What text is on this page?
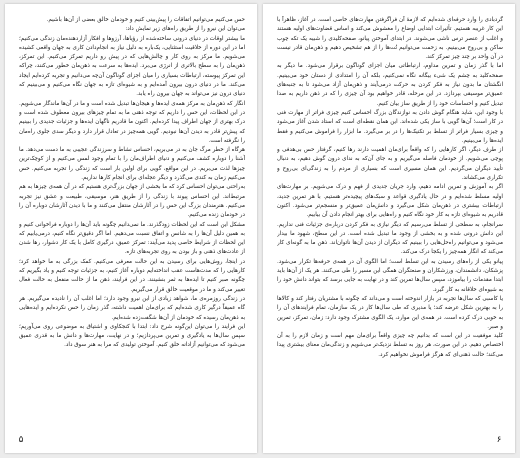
حس می‌کنیم می‌توانیم اتفاقات را پیش‌بینی کنیم و خودمان خالق بعضی از آن‌ها باشیم.

می‌توان این نیرو را از طریق راه‌های زیر نمایش داد:

ما بیشتر اوقات در دنیای درونی ساخته‌شده از رؤیاها، آرزوها و افکار آزاردهنده‌مان زندگی می‌کنیم؛ اما در این دوره از خلاقیت استثنایی، یک‌باره به دلیل نیاز به انجام‌دادن کاری به جهان واقعی کشیده می‌شویم. ما مرکز به روی کار و چالش‌هایی که در پیش رو داریم تمرکز می‌کنیم. این تمرکز، ذهن‌مان را به سطح بالاتری از انرژی می‌برد. ایده‌ها به سرعت به ذهن‌مان خطور می‌کنند، چراکه این تمرکز پیوسته، ارتباطات بسیاری را میان اجزای گوناگون آن‌چه می‌دانیم و تجربه کرده‌ایم ایجاد می‌کند. ما در دنیای درون بیرون آمده‌ایم و به شیوه‌ای تازه به جهان نگاه می‌کنیم و می‌بینیم که دنیای درون نیز می‌تواند به جهان بیرون راه یابد.

انگار که ذهن‌مان به مرکز همه‌ی ایده‌ها و هیجان‌ها تبدیل شده است و ما در آن‌ها ماندگار می‌شویم. در این لحظات، این حس را داریم که توجه ذهنی ما به تمام چیزهای بیرون معطوف شده است و درک بهتری از جهان اطراف پیدا کرده‌ایم. اکنون ما قادریم ناگهان ایده‌ها و جزئیات جدیدی را ببینیم که پیش‌تر قادر به دیدن آن‌ها نبودیم. گویی همه‌چیز در تعادل قرار دارد و دیگر سدی جلوی راه‌مان را نگرفته است.

هرگاه از خطر مرگ جان به در می‌بریم، احساس نشاط و سرزندگی عجیبی به ما دست می‌دهد. ما آشنا را دوباره کشف می‌کنیم و دنیای اطراف‌مان را با تمام وجود لمس می‌کنیم و از کوچک‌ترین چیزها لذت می‌بریم. در این مواقع، گویی برای اولین بار است که زندگی را تجربه می‌کنیم. حس می‌کنیم زمان به کندی می‌گذرد و دیگر عجله‌ای برای انجام کارها نداریم.

به‌راحتی می‌توان احساس کرد که ما بخشی از جهان بزرگ‌تری هستیم که در آن همه‌ی چیزها به هم مرتبط‌اند. این احساس پیوند با زندگی را از طریق هنر، موسیقی، طبیعت و عشق نیز تجربه می‌کنیم. هنرمندان بزرگ این حس را در آثارشان منتقل می‌کنند و ما با دیدن آثارشان دوباره آن را در خودمان زنده می‌کنیم.

مشکل این است که این لحظات زودگذرند. ما نمی‌دانیم چگونه باید آن‌ها را دوباره فراخوانی کنیم و به همین دلیل آن‌ها را به شانس و اتفاق نسبت می‌دهیم. اما اگر دقیق‌تر نگاه کنیم، درمی‌یابیم که این لحظات از شرایط خاصی پدید می‌آیند: تمرکز عمیق، درگیری کامل با یک کار دشوار، رها شدن از عادت‌های ذهنی و باز بودن به روی تجربه‌های تازه.

در اینجا، روش‌هایی برای رسیدن به این حالت معرفی می‌کنیم. کمک بزرگی به ما خواهد کرد؛ کارهایی را که مدت‌هاست عقب انداخته‌ایم دوباره آغاز کنیم، به جزئیات توجه کنیم و یاد بگیریم که چگونه صبر کنیم تا ایده‌ها به ثمر بنشینند. در این فرایند، ذهن ما از حالت منفعل به حالت فعال تغییر می‌کند و ما در موقعیت خالق قرار می‌گیریم.

در زندگی روزمره‌ی ما، شواهد زیادی از این نیرو وجود دارد؛ اما اغلب آن را نادیده می‌گیریم. هر گاه عمیقاً درگیر کاری شده‌ایم که برای‌مان اهمیت داشته، گذر زمان را حس نکرده‌ایم و ایده‌هایی به ذهن‌مان رسیده که خودمان از آن‌ها شگفت‌زده شده‌ایم.

این فرایند را می‌توان این‌گونه شرح داد: ابتدا با کنجکاوی و اشتیاق به موضوعی روی می‌آوریم؛ سپس سال‌ها به یادگیری و تمرین می‌پردازیم؛ و در نهایت، مهارت‌ها و دانش ما به قدری عمیق می‌شود که می‌توانیم آزادانه خلق کنیم. آموختن تولیدی که مرا به هنر سوق داد.

۵

گردبادی را وارد حرفه‌ای شده‌ایم که لازمهٔ آن فراگرفتن مهارت‌های خاصی است. در آغاز، ظاهراً با این کار غریبه هستیم. تأثیرات ابتدایی اوضاع را مغشوش می‌کند و اساس قضاوت‌های اولیه هستند و اغلب از عنصر ترس ناشی می‌شوند. در ابتدای آموختن پیانو، صفحه‌کلیدی را شبیه یک تکه چوب ساکن و بی‌روح می‌بینیم. به زحمت می‌توانیم نُت‌ها را از هم تشخیص دهیم و ذهن‌مان قادر نیست در آن واحد بر چند چیز تمرکز کند.

اما با گذر زمان و تمرین مداوم، ارتباطاتی میان اجزای گوناگون برقرار می‌شود. ما دیگر به صفحه‌کلید به چشم یک شیء بیگانه نگاه نمی‌کنیم، بلکه آن را امتدادی از دستان خود می‌بینیم. انگشتان ما بدون نیاز به فکر کردن به حرکت درمی‌آیند و ذهن‌مان آزاد می‌شود تا به جنبه‌های عمیق‌تر موسیقی بپردازد. در این مرحله، قادر خواهیم بود آن چیزی را که در ذهن داریم به صدا تبدیل کنیم و احساسات خود را از طریق ساز بیان کنیم.

با وجود این، شاید هنگام گوش دادن به نوازندگان بزرگ احساس کنیم چیزی فراتر از مهارت فنی در کار است؛ آن‌ها گویی با ساز یکی شده‌اند. این همان نقطه‌ای است که استاد شدن آغاز می‌شود و چیزی بسیار فراتر از تسلط بر تکنیک‌ها را در بر می‌گیرد. ما ابزار را فراموش می‌کنیم و فقط ایده‌ها را می‌بینیم.

از طرف دیگر، اگر کارهایی را که واقعاً برای‌مان اهمیت دارند رها کنیم، گرفتار حس بی‌هدفی و پوچی می‌شویم. از خودمان فاصله می‌گیریم و به جای آن‌که به ندای درون گوش دهیم، به دنبال تأیید دیگران می‌گردیم. این همان مسیری است که بسیاری از مردم را به زندگی‌ای بی‌روح و تکراری می‌کشاند.

اگر به آموزش و تمرین ادامه دهیم، وارد جریان جدیدی از فهم و درک می‌شویم. بر مهارت‌های اولیه مسلط شده‌ایم و در حال یادگیری قواعد و سبک‌های پیچیده‌تر هستیم. با هر تمرین جدید، ارتباطات بیشتری در ذهن‌مان شکل می‌گیرد و دانش‌مان عمیق‌تر و منسجم‌تر می‌شود. اکنون قادریم به شیوه‌ای تازه به کار خود نگاه کنیم و راه‌هایی برای بهتر انجام دادن آن بیابیم.

سرانجام، به سطحی از تسلط می‌رسیم که دیگر نیازی به فکر کردن درباره‌ی جزئیات فنی نداریم. این دانش درونی شده و به بخشی از وجود ما تبدیل شده است. در این سطح، شهود ما بیدار می‌شود و می‌توانیم راه‌حل‌هایی را ببینیم که دیگران از دیدن آن‌ها ناتوان‌اند. ذهن ما به گونه‌ای کار می‌کند که انگار همه‌چیز را یکجا درک می‌کند.

پیانو یکی از راه‌های رسیدن به این تسلط است؛ اما الگوی آن در همه‌ی حرفه‌ها تکرار می‌شود. پزشکان، دانشمندان، ورزشکاران و صنعتگران همگی این مسیر را طی می‌کنند. هر یک از آن‌ها باید ابتدا مقدمات را بیاموزد، سپس سال‌ها تمرین کند و در نهایت به جایی برسد که بتواند دانش خود را به شیوه‌ای خلاقانه به کار گیرد.

یا کاسبی که سال‌ها تجربه در بازار اندوخته است و می‌داند که چگونه با مشتریان رفتار کند و کالاها را به بهترین شکل عرضه کند؛ یا مدیری که طی سال‌ها کار در یک سازمان، تمام فرایندهای آن را به خوبی درک کرده است. در همه‌ی این موارد، یک الگوی مشترک وجود دارد: زمان، تمرکز، تمرین و صبر.

کلید موفقیت در این است که بدانیم چه چیزی واقعاً برای‌مان مهم است و زمان لازم را به آن اختصاص دهیم. در این صورت، هر روز به تسلط نزدیک‌تر می‌شویم و زندگی‌مان معنای بیشتری پیدا می‌کند؛ حالت ذهنی‌ای که هرگز فراموش نخواهیم کرد.

۶
